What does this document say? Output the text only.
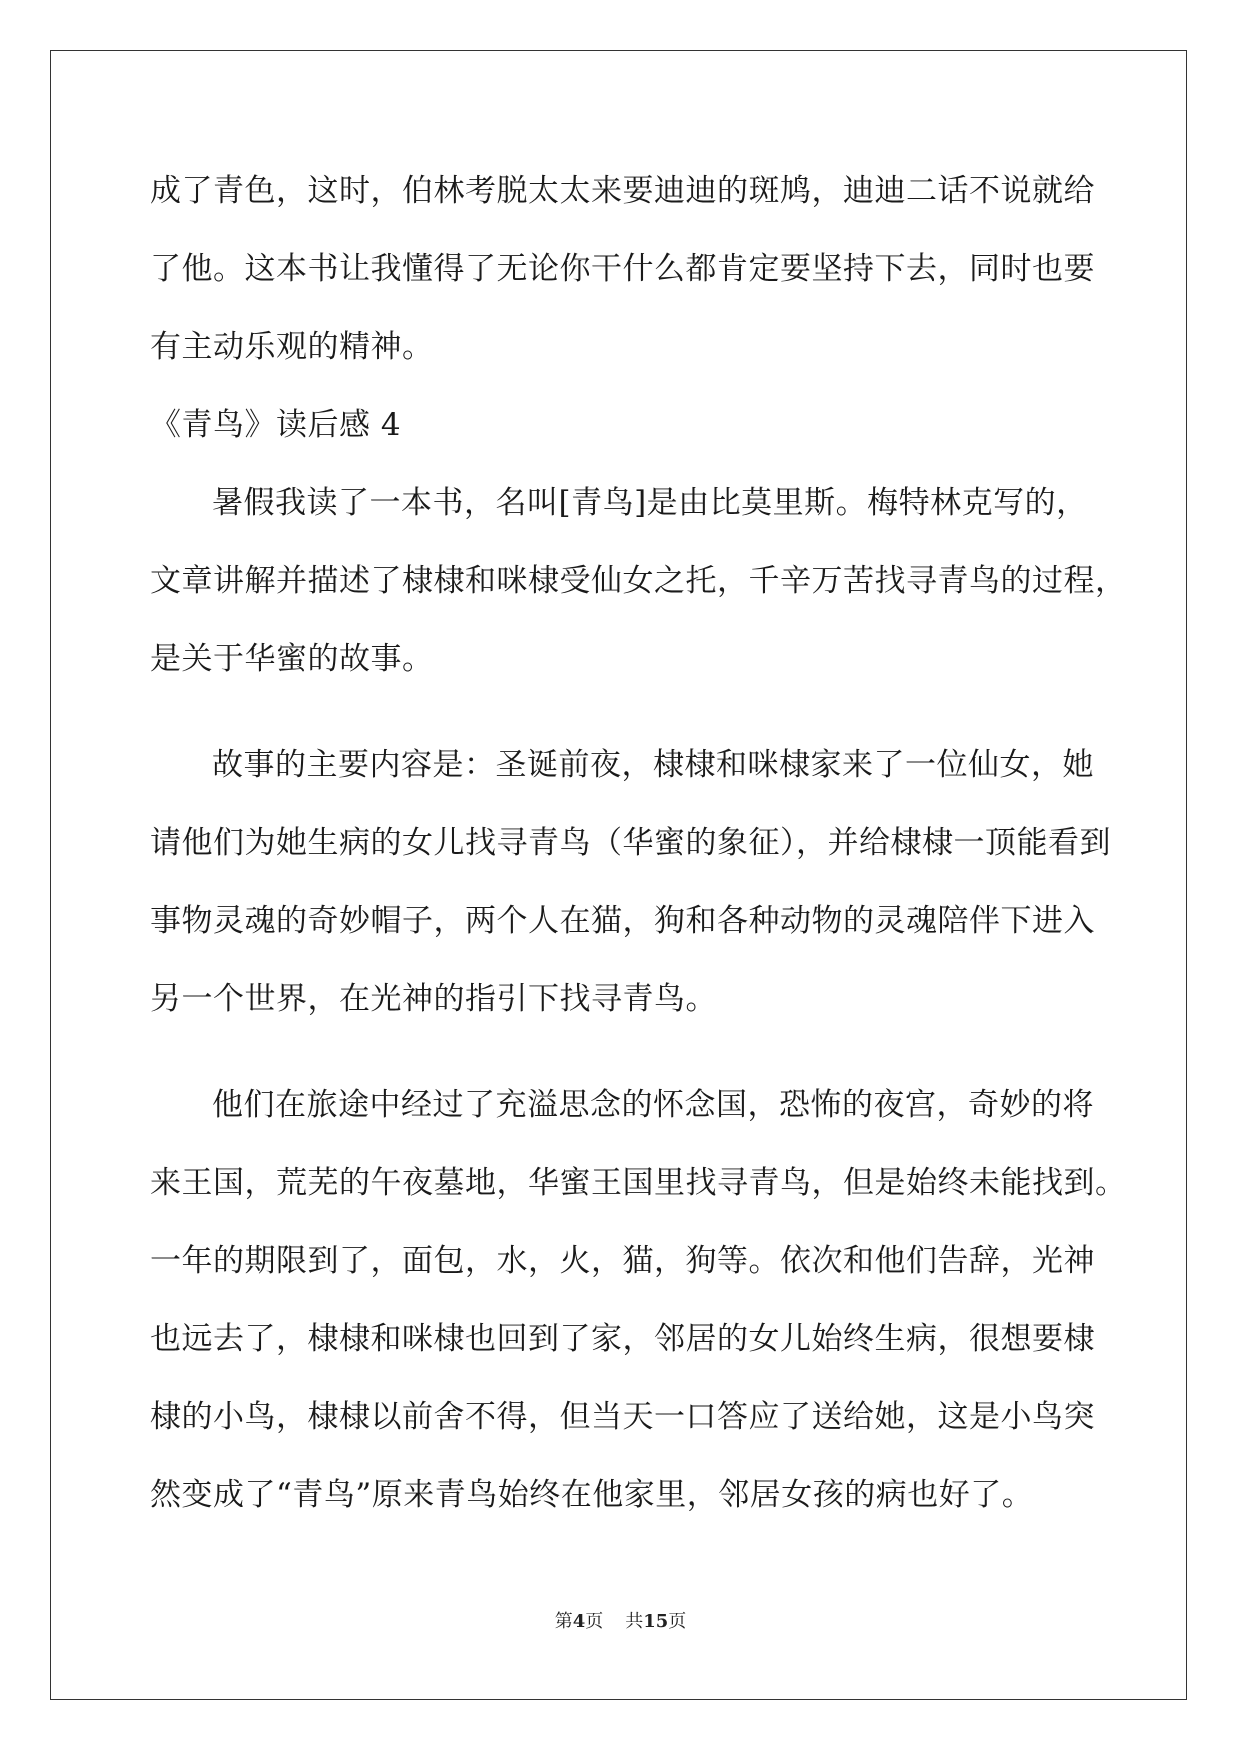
成了青色，这时，伯林考脱太太来要迪迪的斑鸠，迪迪二话不说就给
了他。这本书让我懂得了无论你干什么都肯定要坚持下去，同时也要
有主动乐观的精神。
《青鸟》读后感 4
暑假我读了一本书，名叫[青鸟]是由比莫里斯。梅特林克写的，
文章讲解并描述了棣棣和咪棣受仙女之托，千辛万苦找寻青鸟的过程，
是关于华蜜的故事。
故事的主要内容是：圣诞前夜，棣棣和咪棣家来了一位仙女，她
请他们为她生病的女儿找寻青鸟（华蜜的象征），并给棣棣一顶能看到
事物灵魂的奇妙帽子，两个人在猫，狗和各种动物的灵魂陪伴下进入
另一个世界，在光神的指引下找寻青鸟。
他们在旅途中经过了充溢思念的怀念国，恐怖的夜宫，奇妙的将
来王国，荒芜的午夜墓地，华蜜王国里找寻青鸟，但是始终未能找到。
一年的期限到了，面包，水，火，猫，狗等。依次和他们告辞，光神
也远去了，棣棣和咪棣也回到了家，邻居的女儿始终生病，很想要棣
棣的小鸟，棣棣以前舍不得，但当天一口答应了送给她，这是小鸟突
然变成了“青鸟”原来青鸟始终在他家里，邻居女孩的病也好了。
第4页 共15页
